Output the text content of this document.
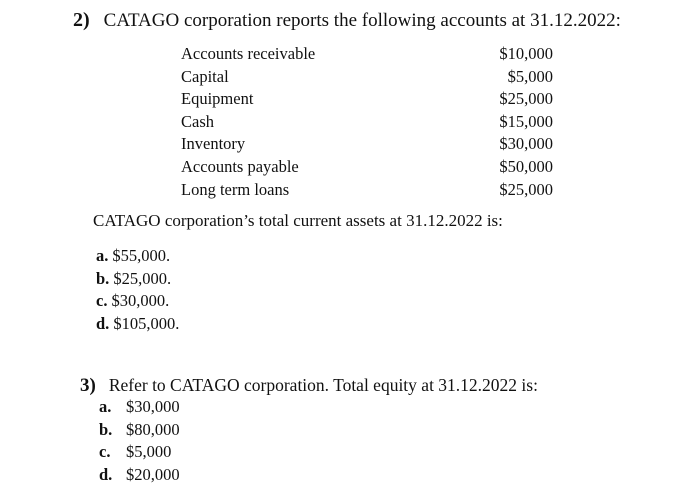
2) CATAGO corporation reports the following accounts at 31.12.2022:
Accounts receivable	$10,000
Capital	$5,000
Equipment	$25,000
Cash	$15,000
Inventory	$30,000
Accounts payable	$50,000
Long term loans	$25,000
CATAGO corporation’s total current assets at 31.12.2022 is:
a. $55,000.
b. $25,000.
c. $30,000.
d. $105,000.
3) Refer to CATAGO corporation. Total equity at 31.12.2022 is:
a. $30,000
b. $80,000
c. $5,000
d. $20,000
